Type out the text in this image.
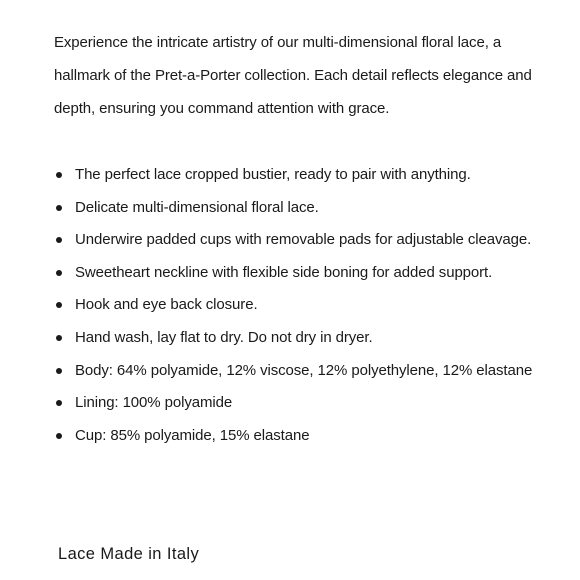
Experience the intricate artistry of our multi-dimensional floral lace, a hallmark of the Pret-a-Porter collection. Each detail reflects elegance and depth, ensuring you command attention with grace.

The perfect lace cropped bustier, ready to pair with anything.
Delicate multi-dimensional floral lace.
Underwire padded cups with removable pads for adjustable cleavage.
Sweetheart neckline with flexible side boning for added support.
Hook and eye back closure.
Hand wash, lay flat to dry. Do not dry in dryer.
Body: 64% polyamide, 12% viscose, 12% polyethylene, 12% elastane
Lining: 100% polyamide
Cup: 85% polyamide, 15% elastane

Lace Made in Italy
